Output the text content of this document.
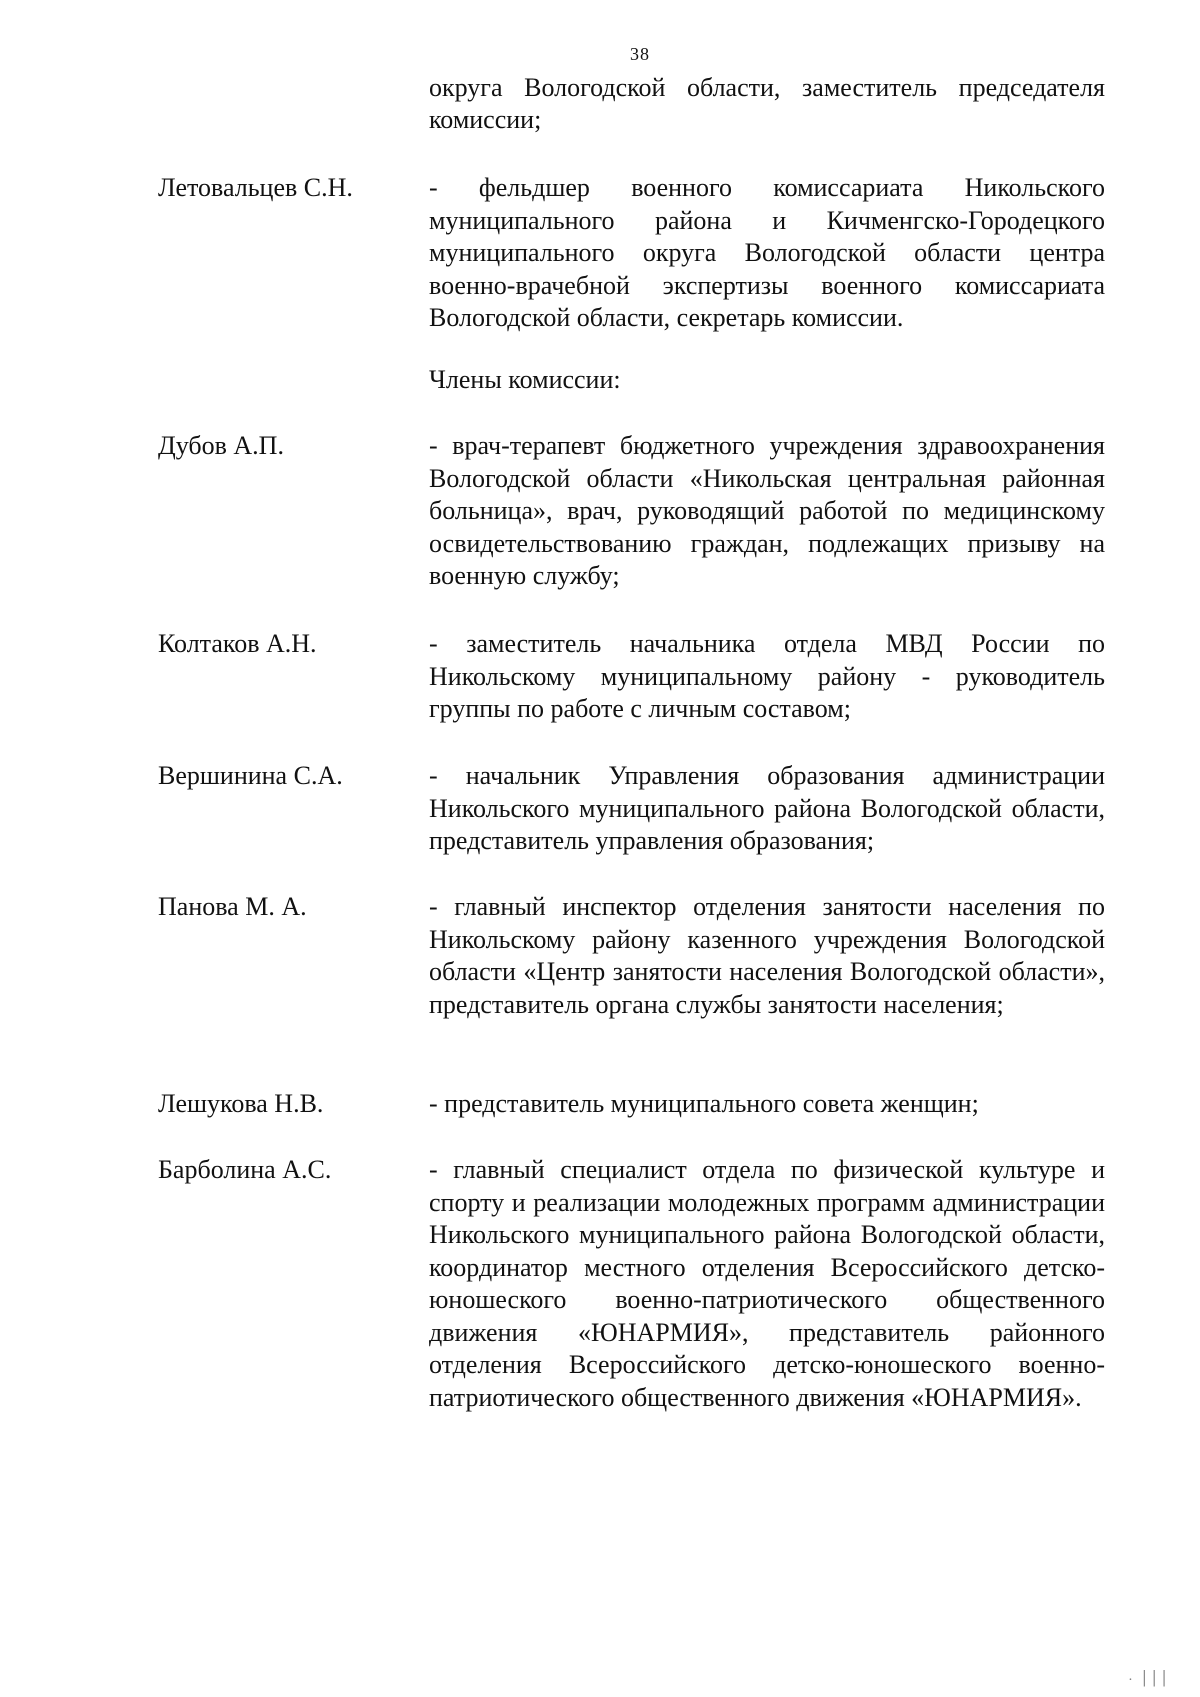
38
округа Вологодской области, заместитель председателя комиссии;
Летовальцев С.Н.	- фельдшер военного комиссариата Никольского муниципального района и Кичменгско-Городецкого муниципального округа Вологодской области центра военно-врачебной экспертизы военного комиссариата Вологодской области, секретарь комиссии.
Члены комиссии:
Дубов А.П.	- врач-терапевт бюджетного учреждения здравоохранения Вологодской области «Никольская центральная районная больница», врач, руководящий работой по медицинскому освидетельствованию граждан, подлежащих призыву на военную службу;
Колтаков А.Н.	- заместитель начальника отдела МВД России по Никольскому муниципальному району - руководитель группы по работе с личным составом;
Вершинина С.А.	- начальник Управления образования администрации Никольского муниципального района Вологодской области, представитель управления образования;
Панова М. А.	- главный инспектор отделения занятости населения по Никольскому району казенного учреждения Вологодской области «Центр занятости населения Вологодской области», представитель органа службы занятости населения;
Лешукова Н.В.	- представитель муниципального совета женщин;
Барболина А.С.	- главный специалист отдела по физической культуре и спорту и реализации молодежных программ администрации Никольского муниципального района Вологодской области, координатор местного отделения Всероссийского детско-юношеского военно-патриотического общественного движения «ЮНАРМИЯ», представитель районного отделения Всероссийского детско-юношеского военно-патриотического общественного движения «ЮНАРМИЯ».
· ׀׀׀
